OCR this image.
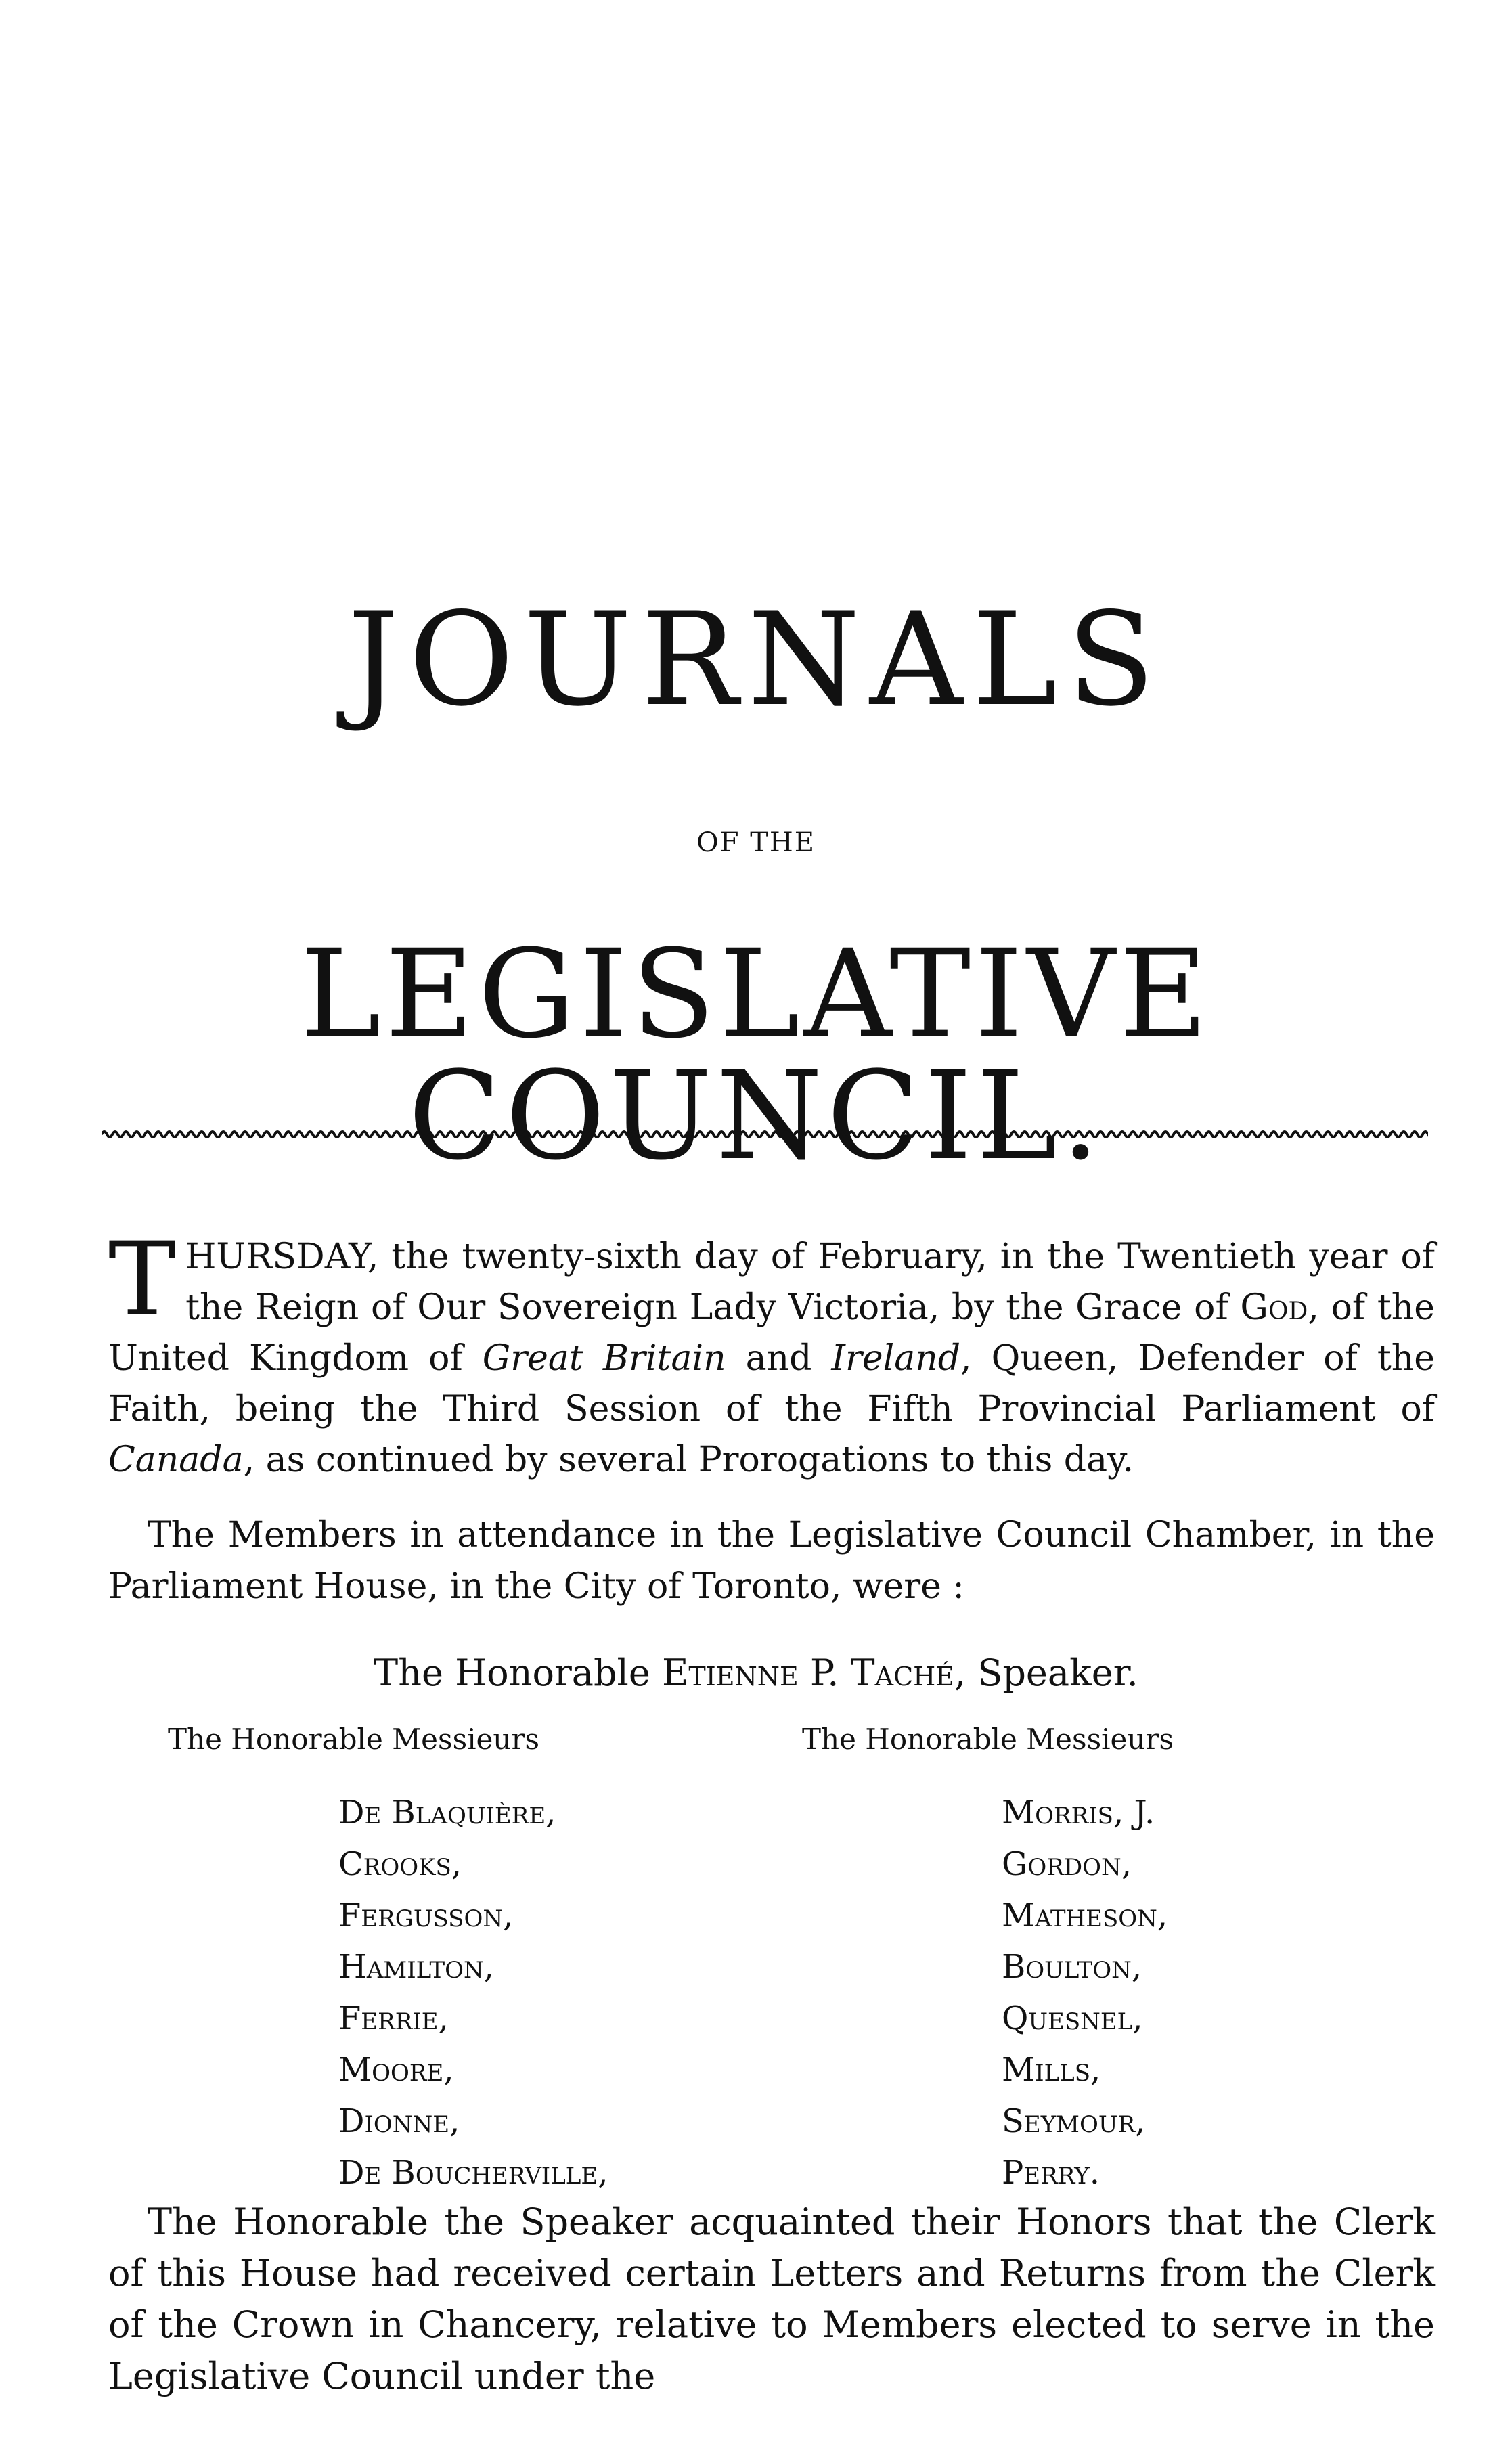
JOURNALS
OF THE
LEGISLATIVE COUNCIL.
THURSDAY, the twenty-sixth day of February, in the Twentieth year of the Reign of Our Sovereign Lady Victoria, by the Grace of God, of the United Kingdom of Great Britain and Ireland, Queen, Defender of the Faith, being the Third Session of the Fifth Provincial Parliament of Canada, as continued by several Prorogations to this day.
The Members in attendance in the Legislative Council Chamber, in the Parliament House, in the City of Toronto, were :
The Honorable Etienne P. Taché, Speaker.
The Honorable Messieurs	The Honorable Messieurs
De Blaquière,
Crooks,
Fergusson,
Hamilton,
Ferrie,
Moore,
Dionne,
De Boucherville,
Morris, J.
Gordon,
Matheson,
Boulton,
Quesnel,
Mills,
Seymour,
Perry.
The Honorable the Speaker acquainted their Honors that the Clerk of this House had received certain Letters and Returns from the Clerk of the Crown in Chancery, relative to Members elected to serve in the Legislative Council under the
